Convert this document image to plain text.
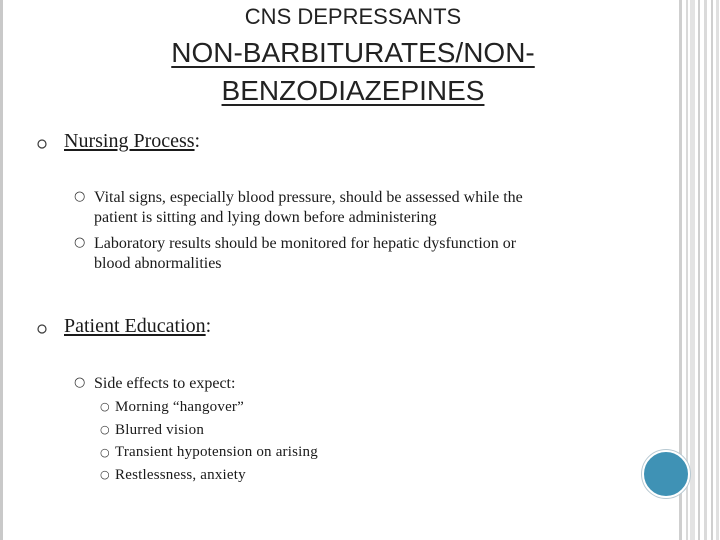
CNS DEPRESSANTS
NON-BARBITURATES/NON-
BENZODIAZEPINES
Nursing Process:
○ Vital signs, especially blood pressure, should be assessed while the
patient is sitting and lying down before administering
○ Laboratory results should be monitored for hepatic dysfunction or
blood abnormalities
Patient Education:
○ Side effects to expect:
○ Morning “hangover”
○ Blurred vision
○ Transient hypotension on arising
○ Restlessness, anxiety
